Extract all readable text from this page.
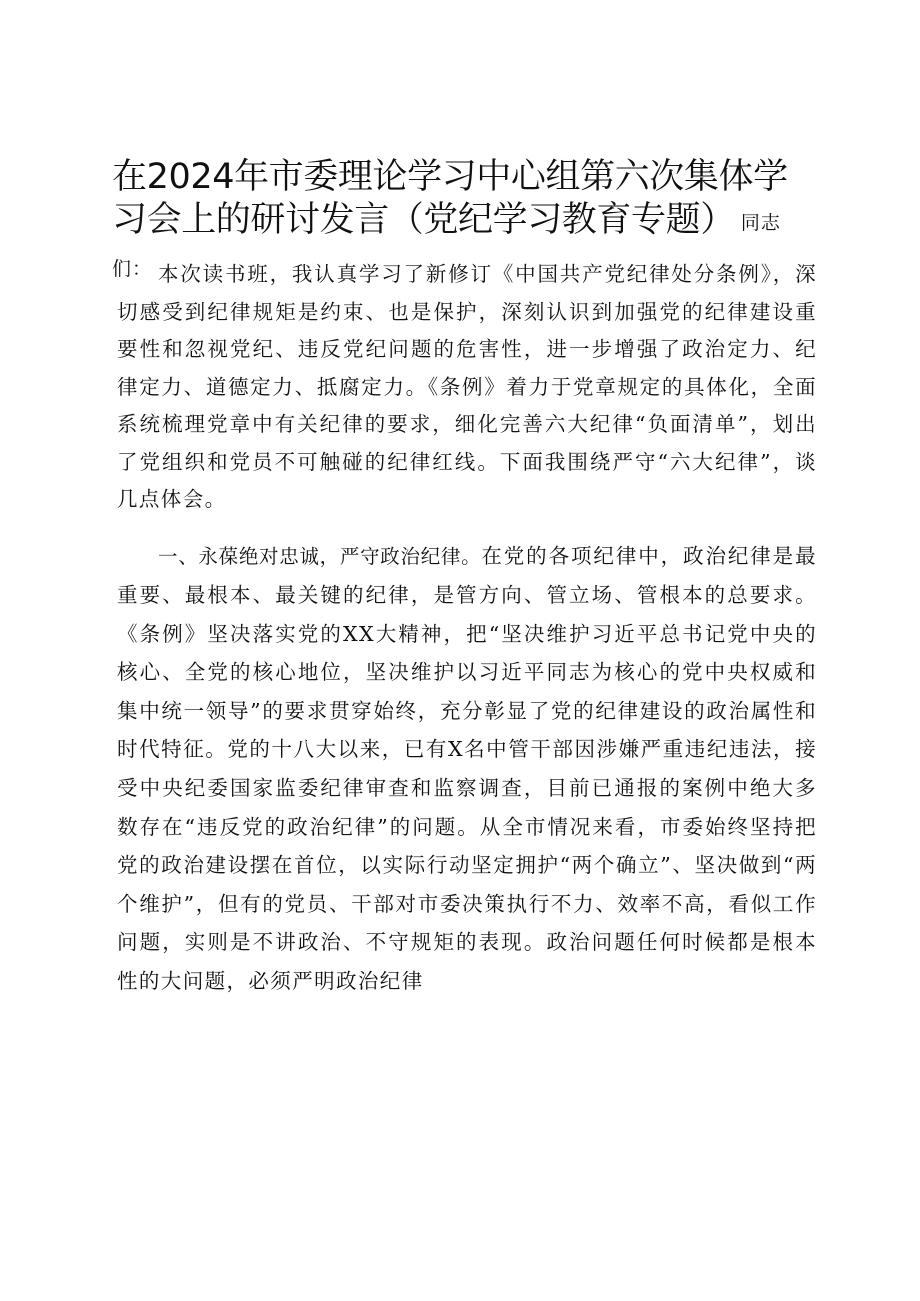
在2024年市委理论学习中心组第六次集体学习会上的研讨发言（党纪学习教育专题） 同志们： 本次读书班，我认真学习了新修订《中国共产党纪律处分条例》，深切感受到纪律规矩是约束、也是保护，深刻认识到加强党的纪律建设重要性和忽视党纪、违反党纪问题的危害性，进一步增强了政治定力、纪律定力、道德定力、抵腐定力。《条例》着力于党章规定的具体化，全面系统梳理党章中有关纪律的要求，细化完善六大纪律“负面清单”，划出了党组织和党员不可触碰的纪律红线。下面我围绕严守“六大纪律”，谈几点体会。

一、永葆绝对忠诚，严守政治纪律。在党的各项纪律中，政治纪律是最重要、最根本、最关键的纪律，是管方向、管立场、管根本的总要求。《条例》坚决落实党的XX大精神，把“坚决维护习近平总书记党中央的核心、全党的核心地位，坚决维护以习近平同志为核心的党中央权威和集中统一领导”的要求贯穿始终，充分彰显了党的纪律建设的政治属性和时代特征。党的十八大以来，已有X名中管干部因涉嫌严重违纪违法，接受中央纪委国家监委纪律审查和监察调查，目前已通报的案例中绝大多数存在“违反党的政治纪律”的问题。从全市情况来看，市委始终坚持把党的政治建设摆在首位，以实际行动坚定拥护“两个确立”、坚决做到“两个维护”，但有的党员、干部对市委决策执行不力、效率不高，看似工作问题，实则是不讲政治、不守规矩的表现。政治问题任何时候都是根本性的大问题，必须严明政治纪律
